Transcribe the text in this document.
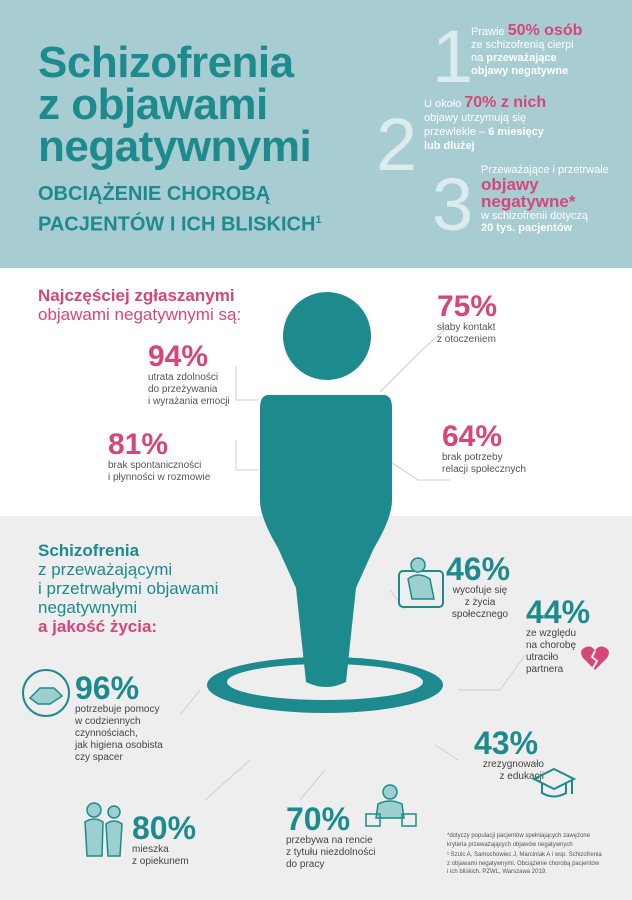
Schizofrenia
z objawami
negatywnymi
OBCIĄŻENIE CHOROBĄ
PACJENTÓW I ICH BLISKICH$^1$
1
Prawie 50% osób
ze schizofrenią cierpi
na przeważające
objawy negatywne
2 U około 70% z nich
objawy utrzymują się
przewlekle – 6 miesięcy
lub dłużej
3 Przeważające i przetrwałe
objawy
negatywne*
w schizofrenii dotyczą
20 tys. pacjentów
Najczęściej zgłaszanymi
objawami negatywnymi są:
94%
utrata zdolności
do przeżywania
i wyrażania emocji
81%
brak spontaniczności
i płynności w rozmowie
75%
słaby kontakt
z otoczeniem
64%
brak potrzeby
relacji społecznych
Schizofrenia
z przeważającymi
i przetrwałymi objawami
negatywnymi
a jakość życia:
46%
wycofuje się
z życia
społecznego 44%
ze względu
na chorobę
utraciło
partnera
96%
potrzebuje pomocy
w codziennych
czynnościach,
jak higiena osobista
czy spacer	43%
zrezygnowało
z edukacji
80%
mieszka
z opiekunem
70%
przebywa na rencie
z tytułu niezdolności
do pracy
*dotyczy populacji pacjentów spełniających zawężone
kryteria przeważających objawów negatywnych
¹ Szulc A, Samochowiec J, Marciniak A i wsp. Schizofrenia
z objawami negatywnymi. Obciążenie chorobą pacjentów
i ich bliskich. PZWL, Warszawa 2019.
